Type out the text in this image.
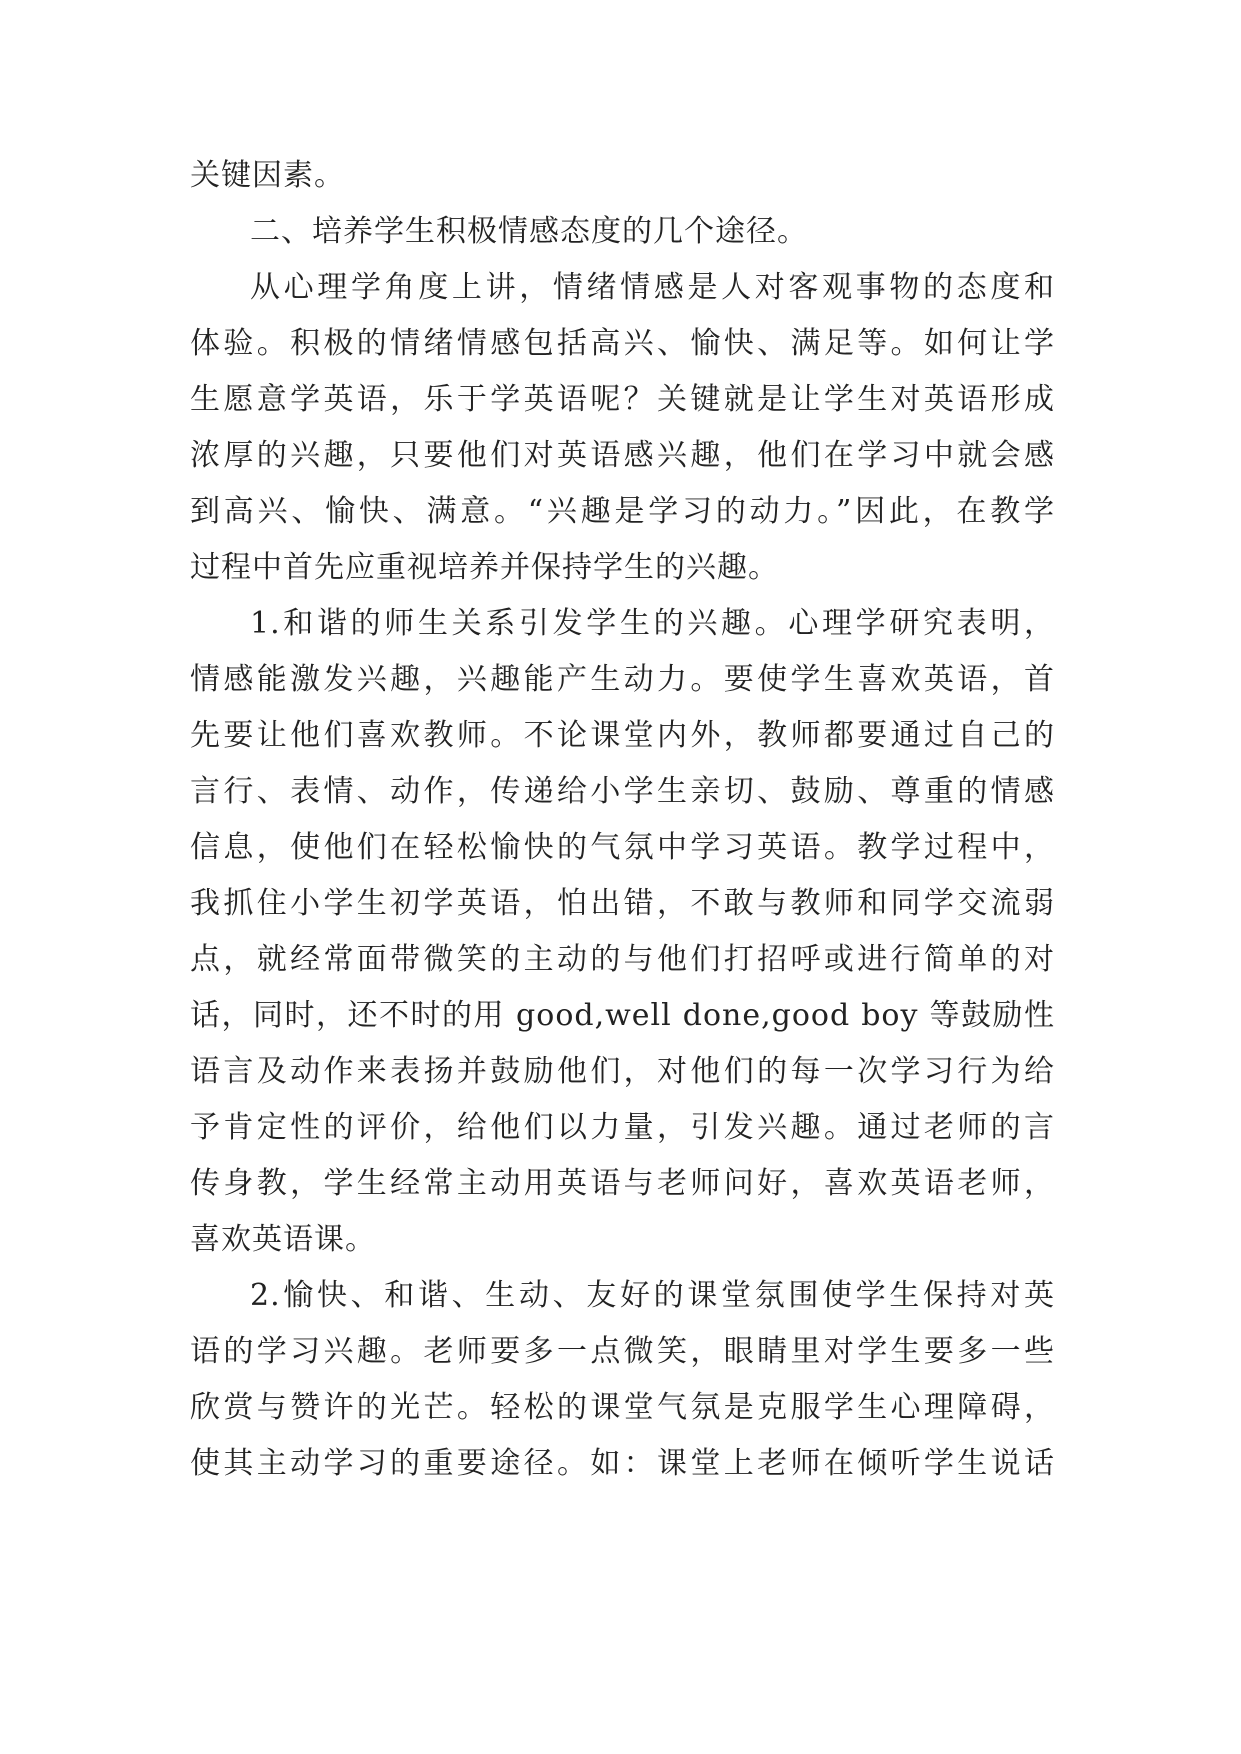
关键因素。
二、培养学生积极情感态度的几个途径。
从心理学角度上讲，情绪情感是人对客观事物的态度和
体验。积极的情绪情感包括高兴、愉快、满足等。如何让学
生愿意学英语，乐于学英语呢？关键就是让学生对英语形成
浓厚的兴趣，只要他们对英语感兴趣，他们在学习中就会感
到高兴、愉快、满意。“兴趣是学习的动力。”因此，在教学
过程中首先应重视培养并保持学生的兴趣。
1.和谐的师生关系引发学生的兴趣。心理学研究表明，
情感能激发兴趣，兴趣能产生动力。要使学生喜欢英语，首
先要让他们喜欢教师。不论课堂内外，教师都要通过自己的
言行、表情、动作，传递给小学生亲切、鼓励、尊重的情感
信息，使他们在轻松愉快的气氛中学习英语。教学过程中，
我抓住小学生初学英语，怕出错，不敢与教师和同学交流弱
点，就经常面带微笑的主动的与他们打招呼或进行简单的对
话，同时，还不时的用 good,well done,good boy 等鼓励性
语言及动作来表扬并鼓励他们，对他们的每一次学习行为给
予肯定性的评价，给他们以力量，引发兴趣。通过老师的言
传身教，学生经常主动用英语与老师问好，喜欢英语老师，
喜欢英语课。
2.愉快、和谐、生动、友好的课堂氛围使学生保持对英
语的学习兴趣。老师要多一点微笑，眼睛里对学生要多一些
欣赏与赞许的光芒。轻松的课堂气氛是克服学生心理障碍，
使其主动学习的重要途径。如：课堂上老师在倾听学生说话
